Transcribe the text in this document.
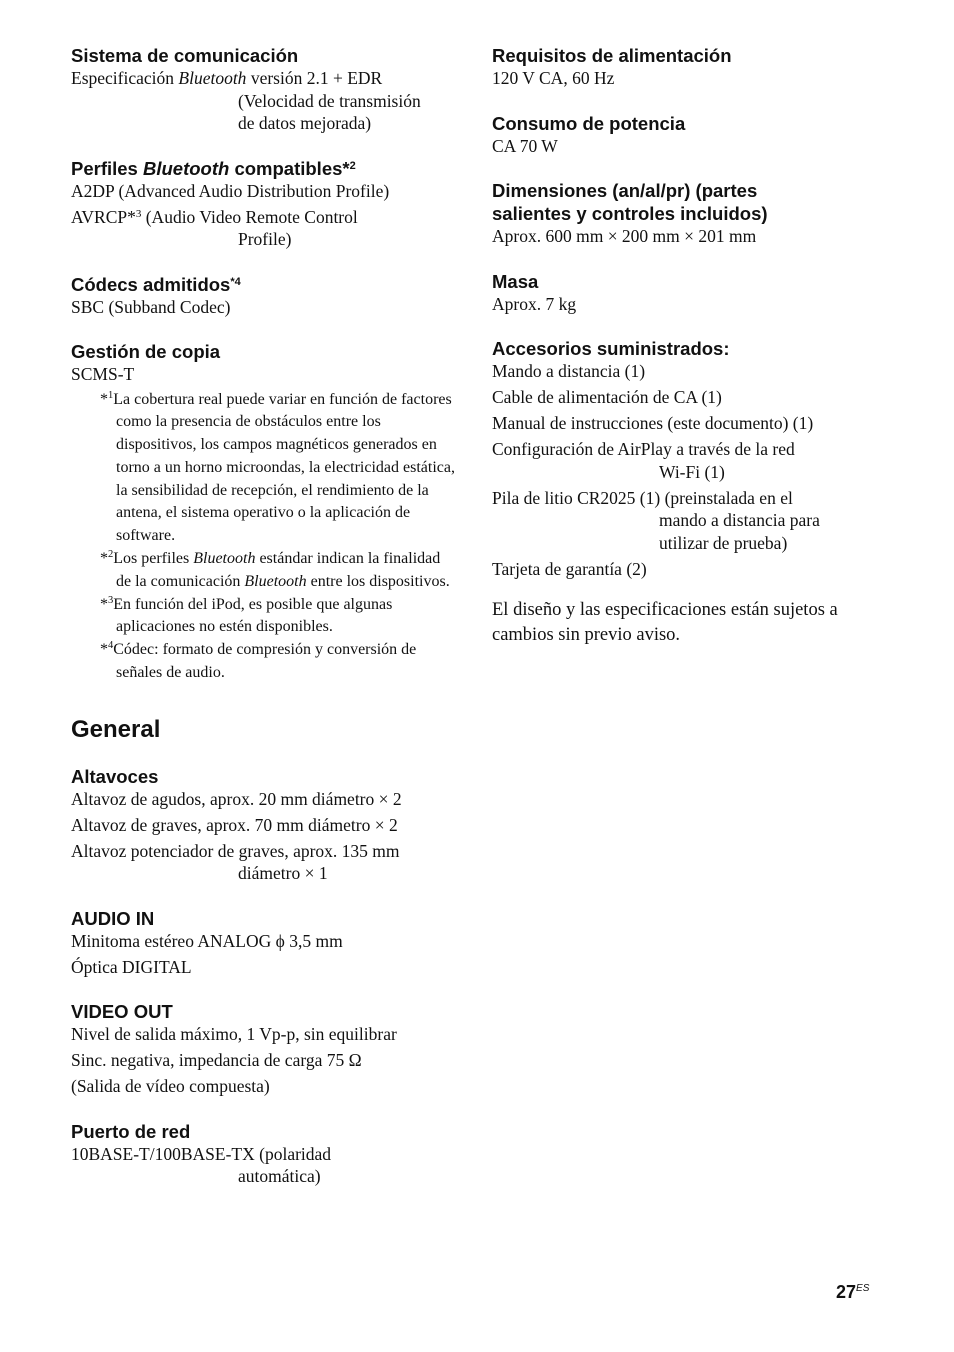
Sistema de comunicación

Especificación Bluetooth versión 2.1 + EDR
(Velocidad de transmisión
de datos mejorada)

Perfiles Bluetooth compatibles*$^2$

A2DP (Advanced Audio Distribution Profile)

AVRCP*$^3$ (Audio Video Remote Control
Profile)

Códecs admitidos$^{*4}$

SBC (Subband Codec)

Gestión de copia

SCMS-T

*$^1$La cobertura real puede variar en función de factores como la presencia de obstáculos entre los dispositivos, los campos magnéticos generados en torno a un horno microondas, la electricidad estática, la sensibilidad de recepción, el rendimiento de la antena, el sistema operativo o la aplicación de software.

*$^2$Los perfiles Bluetooth estándar indican la finalidad de la comunicación Bluetooth entre los dispositivos.

*$^3$En función del iPod, es posible que algunas aplicaciones no estén disponibles.

*$^4$Códec: formato de compresión y conversión de señales de audio.

General

Altavoces

Altavoz de agudos, aprox. 20 mm diámetro × 2

Altavoz de graves, aprox. 70 mm diámetro × 2

Altavoz potenciador de graves, aprox. 135 mm
diámetro × 1

AUDIO IN

Minitoma estéreo ANALOG ϕ 3,5 mm

Óptica DIGITAL

VIDEO OUT

Nivel de salida máximo, 1 Vp-p, sin equilibrar

Sinc. negativa, impedancia de carga 75 Ω

(Salida de vídeo compuesta)

Puerto de red

10BASE-T/100BASE-TX (polaridad
automática)

Requisitos de alimentación

120 V CA, 60 Hz

Consumo de potencia

CA 70 W

Dimensiones (an/al/pr) (partes
salientes y controles incluidos)

Aprox. 600 mm × 200 mm × 201 mm

Masa

Aprox. 7 kg

Accesorios suministrados:

Mando a distancia (1)

Cable de alimentación de CA (1)

Manual de instrucciones (este documento) (1)

Configuración de AirPlay a través de la red
Wi-Fi (1)

Pila de litio CR2025 (1) (preinstalada en el
mando a distancia para
utilizar de prueba)

Tarjeta de garantía (2)

El diseño y las especificaciones están sujetos a cambios sin previo aviso.

$27^{ES}$
